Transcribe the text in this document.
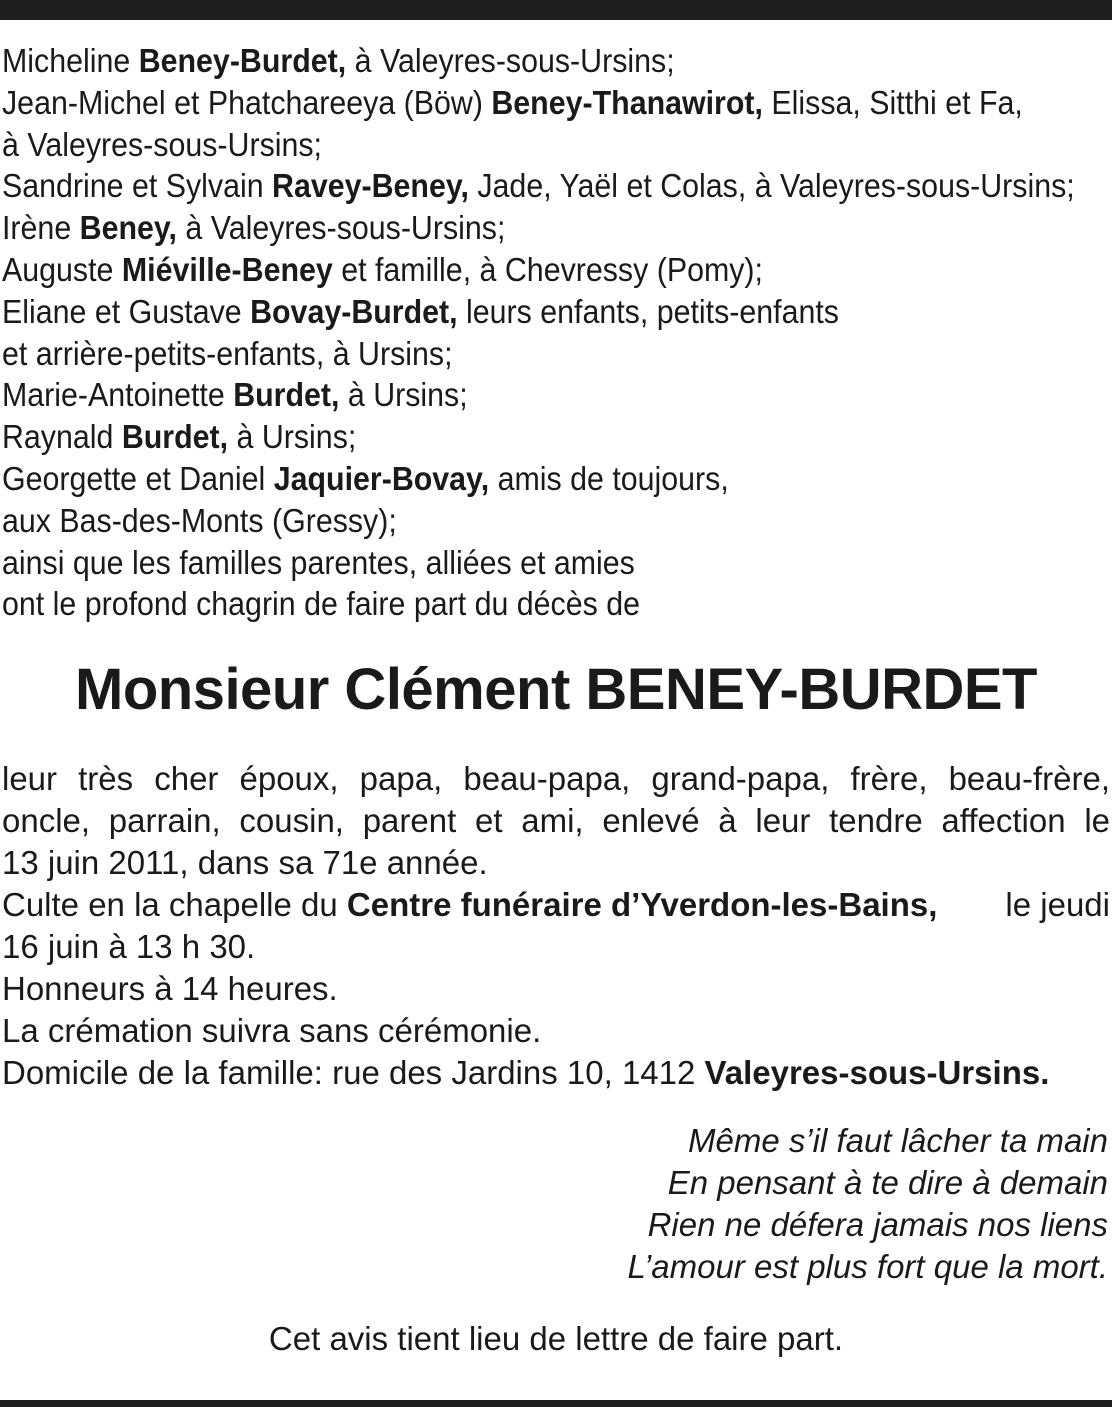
Micheline Beney-Burdet, à Valeyres-sous-Ursins;
Jean-Michel et Phatchareeya (Böw) Beney-Thanawirot, Elissa, Sitthi et Fa,
à Valeyres-sous-Ursins;
Sandrine et Sylvain Ravey-Beney, Jade, Yaël et Colas, à Valeyres-sous-Ursins;
Irène Beney, à Valeyres-sous-Ursins;
Auguste Miéville-Beney et famille, à Chevressy (Pomy);
Eliane et Gustave Bovay-Burdet, leurs enfants, petits-enfants
et arrière-petits-enfants, à Ursins;
Marie-Antoinette Burdet, à Ursins;
Raynald Burdet, à Ursins;
Georgette et Daniel Jaquier-Bovay, amis de toujours,
aux Bas-des-Monts (Gressy);
ainsi que les familles parentes, alliées et amies
ont le profond chagrin de faire part du décès de
Monsieur Clément BENEY-BURDET
leur très cher époux, papa, beau-papa, grand-papa, frère, beau-frère,
oncle, parrain, cousin, parent et ami, enlevé à leur tendre affection le
13 juin 2011, dans sa 71e année.
Culte en la chapelle du Centre funéraire d’Yverdon-les-Bains, le jeudi
16 juin à 13 h 30.
Honneurs à 14 heures.
La crémation suivra sans cérémonie.
Domicile de la famille: rue des Jardins 10, 1412 Valeyres-sous-Ursins.
Même s’il faut lâcher ta main
En pensant à te dire à demain
Rien ne défera jamais nos liens
L’amour est plus fort que la mort.
Cet avis tient lieu de lettre de faire part.
